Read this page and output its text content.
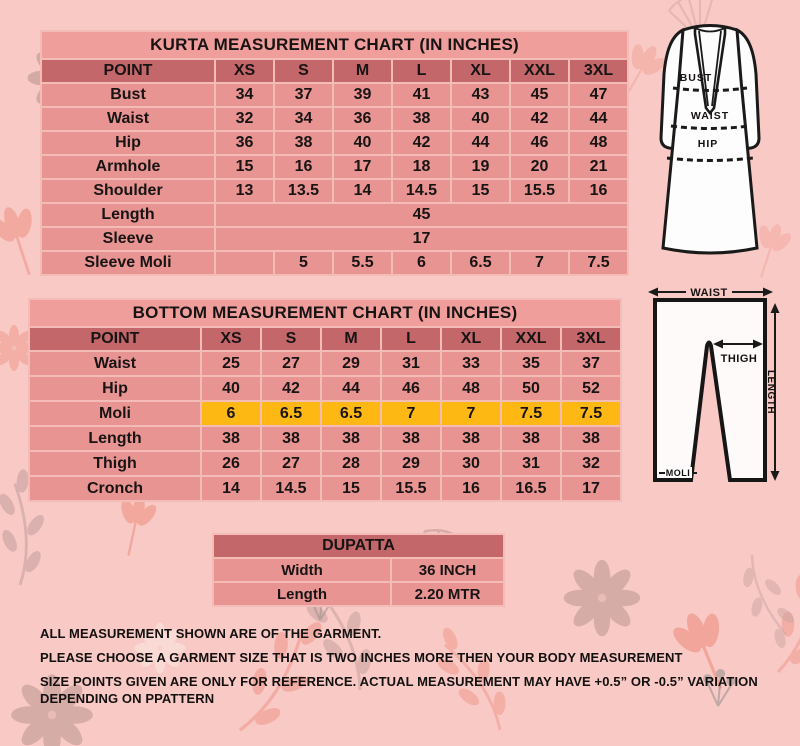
KURTA MEASUREMENT CHART (IN INCHES)							
POINT	XS	S	M	L	XL	XXL	3XL
Bust	34	37	39	41	43	45	47
Waist	32	34	36	38	40	42	44
Hip	36	38	40	42	44	46	48
Armhole	15	16	17	18	19	20	21
Shoulder	13	13.5	14	14.5	15	15.5	16
Length	45						
Sleeve	17						
Sleeve Moli		5	5.5	6	6.5	7	7.5
BOTTOM MEASUREMENT CHART (IN INCHES)							
POINT	XS	S	M	L	XL	XXL	3XL
Waist	25	27	29	31	33	35	37
Hip	40	42	44	46	48	50	52
Moli	6	6.5	6.5	7	7	7.5	7.5
Length	38	38	38	38	38	38	38
Thigh	26	27	28	29	30	31	32
Cronch	14	14.5	15	15.5	16	16.5	17
DUPATTA	
Width	36 INCH
Length	2.20 MTR
BUST
WAIST
HIP
WAIST
THIGH
LENGTH
MOLI
ALL MEASUREMENT SHOWN ARE OF THE GARMENT.
PLEASE CHOOSE A GARMENT SIZE THAT IS TWO INCHES MORE THEN YOUR BODY MEASUREMENT
SIZE POINTS GIVEN ARE ONLY FOR REFERENCE. ACTUAL MEASUREMENT MAY HAVE +0.5” OR -0.5” VARIATION
DEPENDING ON PPATTERN
